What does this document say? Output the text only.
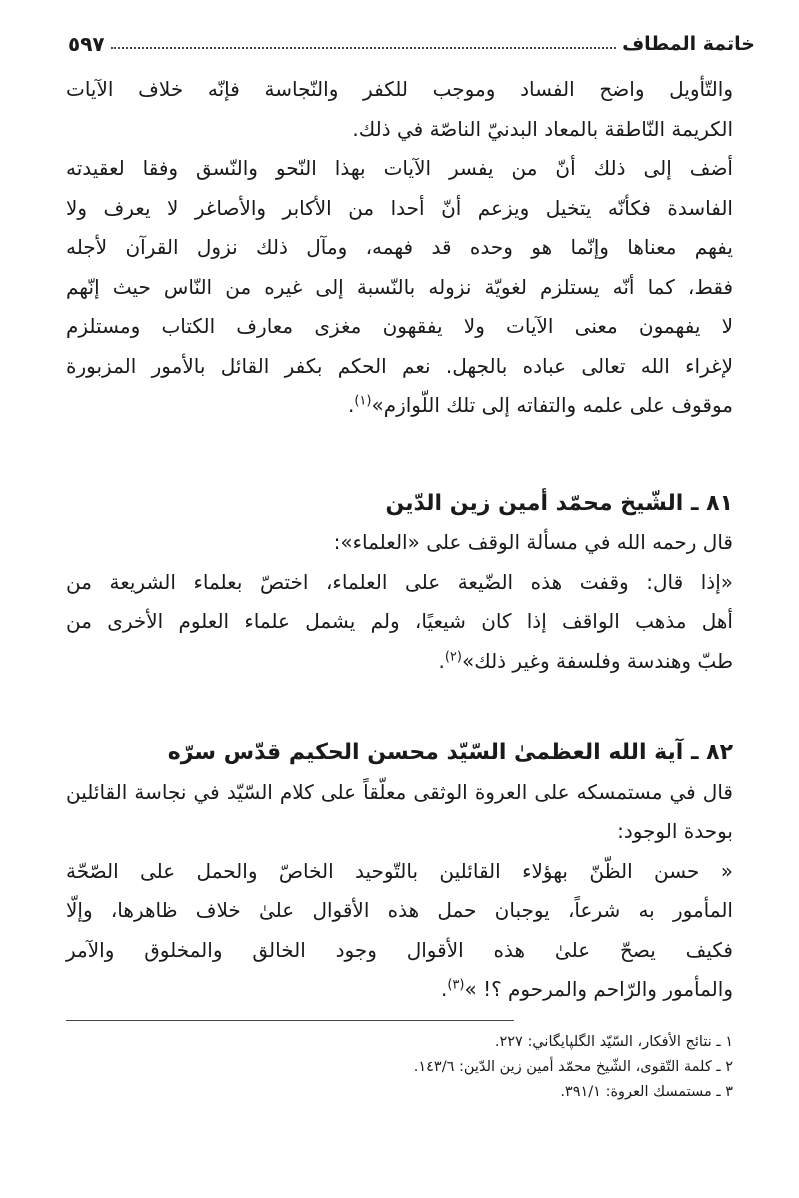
خاتمة المطاف
٥٩٧

والتّأويل واضح الفساد وموجب للكفر والنّجاسة فإنّه خلاف الآيات

الكريمة النّاطقة بالمعاد البدنيّ الناصّة في ذلك.

أضف إلى ذلك أنّ من يفسر الآيات بهذا النّحو والنّسق وفقا لعقيدته

الفاسدة فكأنّه يتخيل ويزعم أنّ أحدا من الأكابر والأصاغر لا يعرف ولا

يفهم معناها وإنّما هو وحده قد فهمه، ومآل ذلك نزول القرآن لأجله

فقط، كما أنّه يستلزم لغويّة نزوله بالنّسبة إلى غيره من النّاس حيث إنّهم

لا يفهمون معنى الآيات ولا يفقهون مغزى معارف الكتاب ومستلزم

لإغراء الله تعالى عباده بالجهل. نعم الحكم بكفر القائل بالأمور المزبورة

موقوف على علمه والتفاته إلى تلك اللّوازم»$^{(١)}$.

٨١ ـ الشّيخ محمّد أمين زين الدّين

قال رحمه الله في مسألة الوقف على «العلماء»:

«إذا قال: وقفت هذه الضّيعة على العلماء، اختصّ بعلماء الشريعة من

أهل مذهب الواقف إذا كان شيعيًا، ولم يشمل علماء العلوم الأخرى من

طبّ وهندسة وفلسفة وغير ذلك»$^{(٢)}$.

٨٢ ـ آية الله العظمىٰ السّيّد محسن الحكيم قدّس سرّه

قال في مستمسكه على العروة الوثقى معلّقاً على كلام السّيّد في نجاسة القائلين

بوحدة الوجود:

« حسن الظّنّ بهؤلاء القائلين بالتّوحيد الخاصّ والحمل على الصّحّة

المأمور به شرعاً، يوجبان حمل هذه الأقوال علىٰ خلاف ظاهرها، وإلّا

فكيف يصحّ علىٰ هذه الأقوال وجود الخالق والمخلوق والآمر

والمأمور والرّاحم والمرحوم ؟! »$^{(٣)}$.

١ ـ نتائج الأفكار، السّيّد الگلپايگاني: ٢٢٧.
٢ ـ كلمة التّقوى، الشّيخ محمّد أمين زين الدّين: ١٤٣/٦.
٣ ـ مستمسك العروة: ٣٩١/١.
